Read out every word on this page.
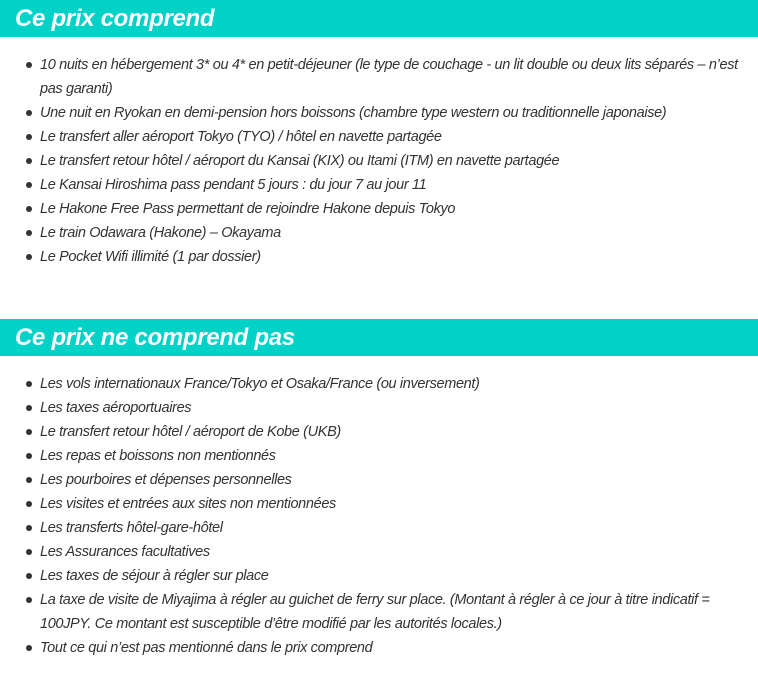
Ce prix comprend
10 nuits en hébergement 3* ou 4* en petit-déjeuner (le type de couchage - un lit double ou deux lits séparés – n’est pas garanti)
Une nuit en Ryokan en demi-pension hors boissons (chambre type western ou traditionnelle japonaise)
Le transfert aller aéroport Tokyo (TYO) / hôtel en navette partagée
Le transfert retour hôtel / aéroport du Kansai (KIX) ou Itami (ITM) en navette partagée
Le Kansai Hiroshima pass pendant 5 jours : du jour 7 au jour 11
Le Hakone Free Pass permettant de rejoindre Hakone depuis Tokyo
Le train Odawara (Hakone) – Okayama
Le Pocket Wifi illimité (1 par dossier)
Ce prix ne comprend pas
Les vols internationaux France/Tokyo et Osaka/France (ou inversement)
Les taxes aéroportuaires
Le transfert retour hôtel / aéroport de Kobe (UKB)
Les repas et boissons non mentionnés
Les pourboires et dépenses personnelles
Les visites et entrées aux sites non mentionnées
Les transferts hôtel-gare-hôtel
Les Assurances facultatives
Les taxes de séjour à régler sur place
La taxe de visite de Miyajima à régler au guichet de ferry sur place. (Montant à régler à ce jour à titre indicatif = 100JPY. Ce montant est susceptible d’être modifié par les autorités locales.)
Tout ce qui n’est pas mentionné dans le prix comprend
